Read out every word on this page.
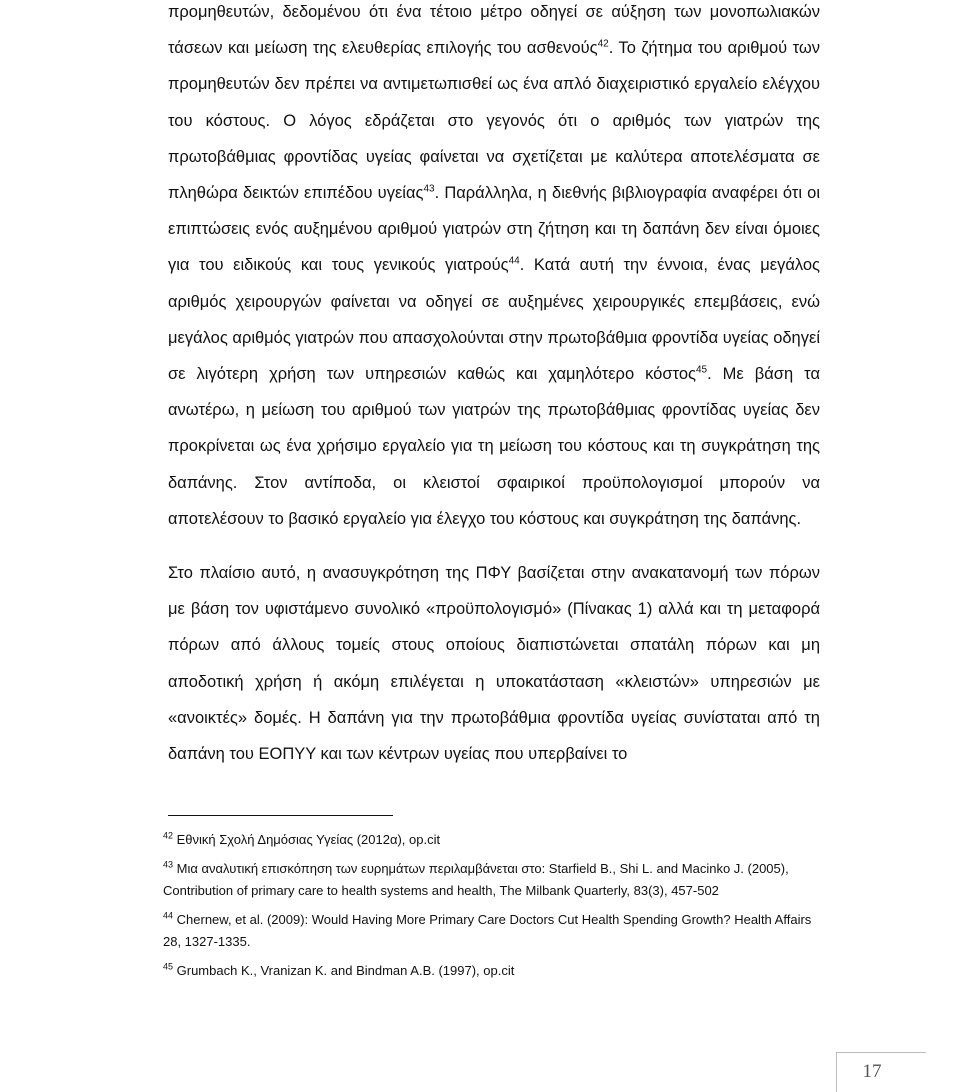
προμηθευτών, δεδομένου ότι ένα τέτοιο μέτρο οδηγεί σε αύξηση των μονοπωλιακών τάσεων και μείωση της ελευθερίας επιλογής του ασθενούς$^{42}$. Το ζήτημα του αριθμού των προμηθευτών δεν πρέπει να αντιμετωπισθεί ως ένα απλό διαχειριστικό εργαλείο ελέγχου του κόστους. Ο λόγος εδράζεται στο γεγονός ότι ο αριθμός των γιατρών της πρωτοβάθμιας φροντίδας υγείας φαίνεται να σχετίζεται με καλύτερα αποτελέσματα σε πληθώρα δεικτών επιπέδου υγείας$^{43}$. Παράλληλα, η διεθνής βιβλιογραφία αναφέρει ότι οι επιπτώσεις ενός αυξημένου αριθμού γιατρών στη ζήτηση και τη δαπάνη δεν είναι όμοιες για του ειδικούς και τους γενικούς γιατρούς$^{44}$. Κατά αυτή την έννοια, ένας μεγάλος αριθμός χειρουργών φαίνεται να οδηγεί σε αυξημένες χειρουργικές επεμβάσεις, ενώ μεγάλος αριθμός γιατρών που απασχολούνται στην πρωτοβάθμια φροντίδα υγείας οδηγεί σε λιγότερη χρήση των υπηρεσιών καθώς και χαμηλότερο κόστος$^{45}$. Με βάση τα ανωτέρω, η μείωση του αριθμού των γιατρών της πρωτοβάθμιας φροντίδας υγείας δεν προκρίνεται ως ένα χρήσιμο εργαλείο για τη μείωση του κόστους και τη συγκράτηση της δαπάνης. Στον αντίποδα, οι κλειστοί σφαιρικοί προϋπολογισμοί μπορούν να αποτελέσουν το βασικό εργαλείο για έλεγχο του κόστους και συγκράτηση της δαπάνης.

Στο πλαίσιο αυτό, η ανασυγκρότηση της ΠΦΥ βασίζεται στην ανακατανομή των πόρων με βάση τον υφιστάμενο συνολικό «προϋπολογισμό» (Πίνακας 1) αλλά και τη μεταφορά πόρων από άλλους τομείς στους οποίους διαπιστώνεται σπατάλη πόρων και μη αποδοτική χρήση ή ακόμη επιλέγεται η υποκατάσταση «κλειστών» υπηρεσιών με «ανοικτές» δομές. Η δαπάνη για την πρωτοβάθμια φροντίδα υγείας συνίσταται από τη δαπάνη του ΕΟΠΥΥ και των κέντρων υγείας που υπερβαίνει το

$^{42}$ Εθνική Σχολή Δημόσιας Υγείας (2012α), op.cit

$^{43}$ Μια αναλυτική επισκόπηση των ευρημάτων περιλαμβάνεται στο: Starfield B., Shi L. and Macinko J. (2005), Contribution of primary care to health systems and health, The Milbank Quarterly, 83(3), 457-502

$^{44}$ Chernew, et al. (2009): Would Having More Primary Care Doctors Cut Health Spending Growth? Health Affairs 28, 1327-1335.

$^{45}$ Grumbach K., Vranizan K. and Bindman A.B. (1997), op.cit

17
